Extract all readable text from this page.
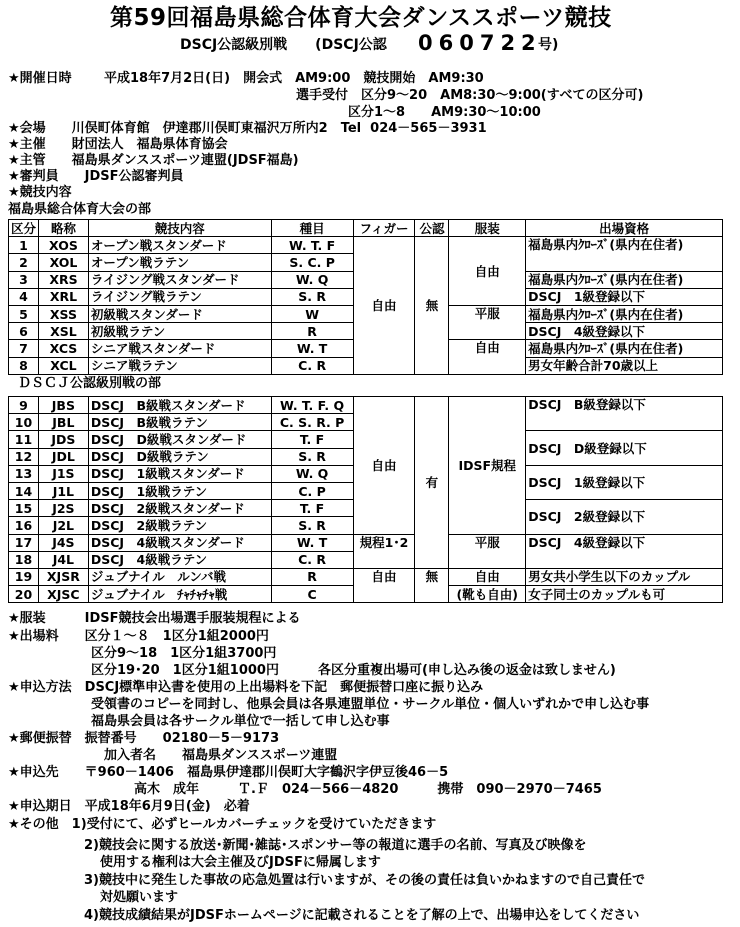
第59回福島県総合体育大会ダンススポーツ競技
DSCJ公認級別戦　　(DSCJ公認 060722
号)
★開催日時 平成18年7月2日(日)　開会式　AM9:00　競技開始　AM9:30
選手受付　区分9～20　AM8:30～9:00(すべての区分可)
区分1～8　　AM9:30～10:00
★会場　　川俣町体育館　伊達郡川俣町東福沢万所内2　Tel  024－565－3931
★主催　　財団法人　福島県体育協会
★主管　　福島県ダンススポーツ連盟(JDSF福島)
★審判員　　JDSF公認審判員
★競技内容
福島県総合体育大会の部
区分	略称	競技内容	種目	フィガー	公認	服装	出場資格
1	XOS	オープン戦スタンダード	W. T. F	自由	無	自由	福島県内ｸﾛｰｽﾞ(県内在住者)
2	XOL	オープン戦ラテン	S. C. P				
3	XRS	ライジング戦スタンダード	W. Q				福島県内ｸﾛｰｽﾞ(県内在住者)
4	XRL	ライジング戦ラテン	S. R				DSCJ　1級登録以下
5	XSS	初級戦スタンダード	W			平服	福島県内ｸﾛｰｽﾞ(県内在住者)
6	XSL	初級戦ラテン	R				DSCJ　4級登録以下
7	XCS	シニア戦スタンダード	W. T			自由	福島県内ｸﾛｰｽﾞ(県内在住者)
8	XCL	シニア戦ラテン	C. R				男女年齢合計70歳以上
ＤＳＣＪ公認級別戦の部
9	JBS	DSCJ　B級戦スタンダード	W. T. F. Q	自由	有	IDSF規程	DSCJ　B級登録以下
10	JBL	DSCJ　B級戦ラテン	C. S. R. P				
11	JDS	DSCJ　D級戦スタンダード	T. F				DSCJ　D級登録以下
12	JDL	DSCJ　D級戦ラテン	S. R				
13	J1S	DSCJ　1級戦スタンダード	W. Q				DSCJ　1級登録以下
14	J1L	DSCJ　1級戦ラテン	C. P				
15	J2S	DSCJ　2級戦スタンダード	T. F				DSCJ　2級登録以下
16	J2L	DSCJ　2級戦ラテン	S. R				
17	J4S	DSCJ　4級戦スタンダード	W. T	規程1･2		平服	DSCJ　4級登録以下
18	J4L	DSCJ　4級戦ラテン	C. R				
19	XJSR	ジュブナイル　ルンバ戦	R	自由	無	自由	男女共小学生以下のカップル
20	XJSC	ジュブナイル　ﾁｬﾁｬﾁｬ戦	C			(靴も自由)	女子同士のカップルも可
★服装　　　IDSF競技会出場選手服装規程による
★出場料　　区分１～８　1区分1組2000円
区分9～18　1区分1組3700円
区分19･20　1区分1組1000円　　　各区分重複出場可(申し込み後の返金は致しません)
★申込方法　DSCJ標準申込書を使用の上出場料を下記　郵便振替口座に振り込み
受領書のコピーを同封し、他県会員は各県連盟単位・サークル単位・個人いずれかで申し込む事
福島県会員は各サークル単位で一括して申し込む事
★郵便振替　振替番号　　02180－5－9173
加入者名　　福島県ダンススポーツ連盟
★申込先　　〒960－1406　福島県伊達郡川俣町大字鶴沢字伊豆後46－5
高木　成年　　　Ｔ.Ｆ　024－566－4820　　　携帯　090－2970－7465
★申込期日　平成18年6月9日(金)　必着
★その他　1)受付にて、必ずヒールカバーチェックを受けていただきます
2)競技会に関する放送･新聞･雑誌･スポンサー等の報道に選手の名前、写真及び映像を
使用する権利は大会主催及びJDSFに帰属します
3)競技中に発生した事故の応急処置は行いますが、その後の責任は負いかねますので自己責任で
対処願います
4)競技成績結果がJDSFホームページに記載されることを了解の上で、出場申込をしてください
